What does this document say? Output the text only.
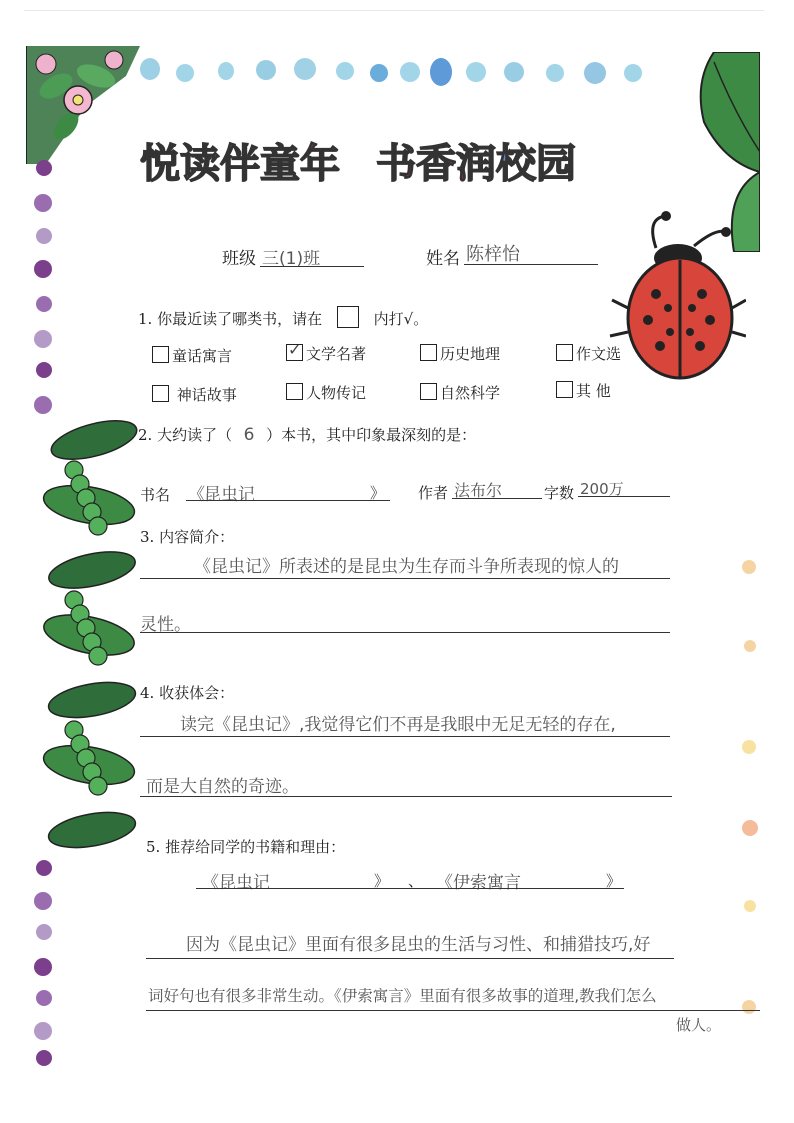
悦读伴童年 书香润校园
班级 三(1)班	姓名 陈梓怡
1. 你最近读了哪类书，请在	内打√。
童话寓言	✓ 文学名著	历史地理	作文选
神话故事	人物传记	自然科学	其 他
2. 大约读了（ 6 ）本书，其中印象最深刻的是：
书名 《 昆虫记	》 作者 法布尔	字数 200万
3. 内容简介：
《昆虫记》所表述的是昆虫为生存而斗争所表现的惊人的
灵性。
4. 收获体会：
读完《昆虫记》,我觉得它们不再是我眼中无足无轻的存在,
而是大自然的奇迹。
5. 推荐给同学的书籍和理由：
《昆虫记	》 、 《伊索寓言	》
因为《昆虫记》里面有很多昆虫的生活与习性、和捕猎技巧,好
词好句也有很多非常生动。《伊索寓言》里面有很多故事的道理,教我们怎么
做人。
